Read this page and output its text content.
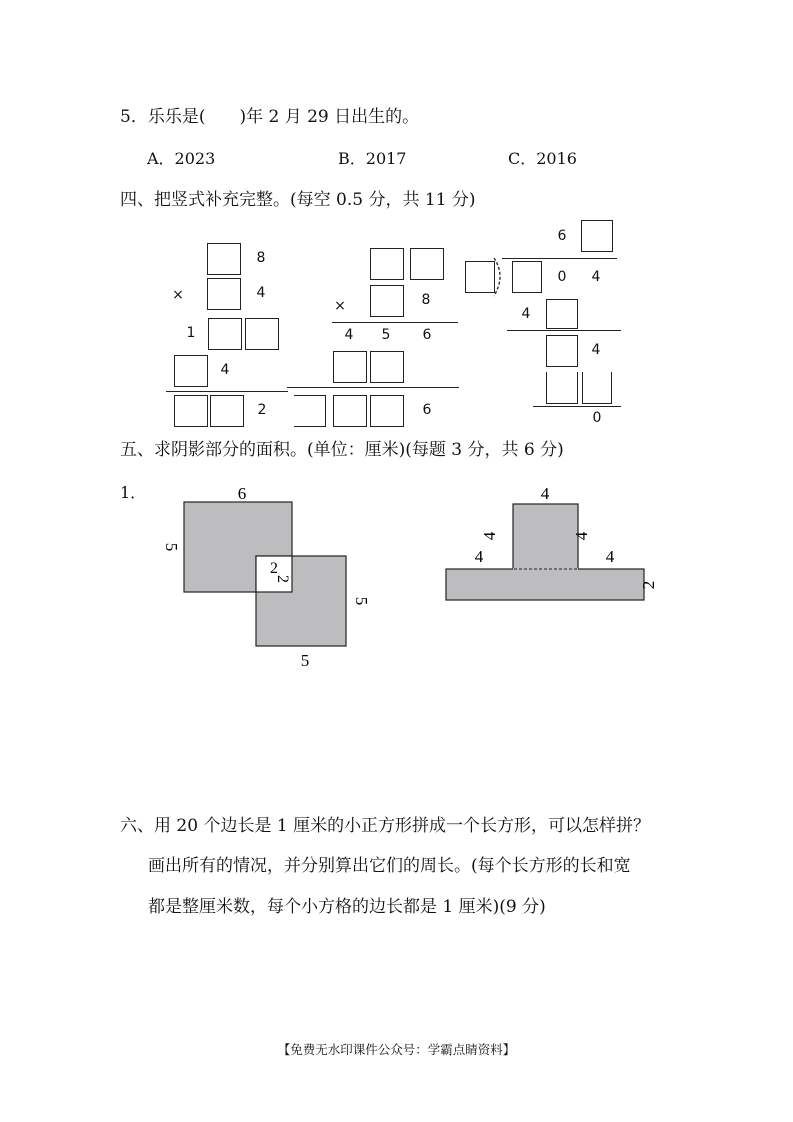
5．乐乐是(　　)年 2 月 29 日出生的。
A．2023	B．2017	C．2016
四、把竖式补充完整。(每空 0.5 分，共 11 分)
8
×	4
1
4
2
×	8
4	5	6
6
6
0	4
4
4
0
五、求阴影部分的面积。(单位：厘米)(每题 3 分，共 6 分)
1．	6
5
2
2
5
5
4
4	4
4	4
2
六、用 20 个边长是 1 厘米的小正方形拼成一个长方形，可以怎样拼？
画出所有的情况，并分别算出它们的周长。(每个长方形的长和宽
都是整厘米数，每个小方格的边长都是 1 厘米)(9 分)
【免费无水印课件公众号：学霸点睛资料】
